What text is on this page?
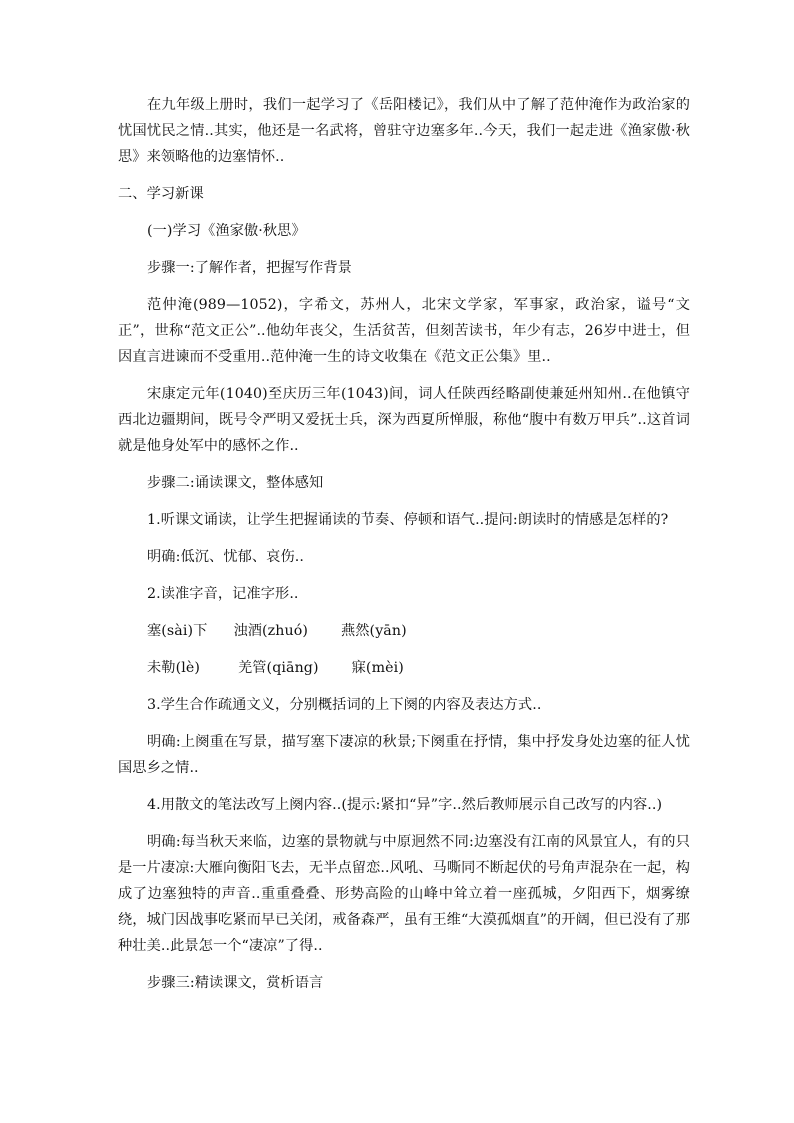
在九年级上册时，我们一起学习了《岳阳楼记》，我们从中了解了范仲淹作为政治家的忧国忧民之情..其实，他还是一名武将，曾驻守边塞多年..今天，我们一起走进《渔家傲·秋思》来领略他的边塞情怀..

二、学习新课

(一)学习《渔家傲·秋思》

步骤一:了解作者，把握写作背景

范仲淹(989—1052)，字希文，苏州人，北宋文学家，军事家，政治家，谥号“文正”，世称“范文正公”..他幼年丧父，生活贫苦，但刻苦读书，年少有志，26岁中进士，但因直言进谏而不受重用..范仲淹一生的诗文收集在《范文正公集》里..

宋康定元年(1040)至庆历三年(1043)间，词人任陕西经略副使兼延州知州..在他镇守西北边疆期间，既号令严明又爱抚士兵，深为西夏所惮服，称他“腹中有数万甲兵”..这首词就是他身处军中的感怀之作..

步骤二:诵读课文，整体感知

1.听课文诵读，让学生把握诵读的节奏、停顿和语气..提问:朗读时的情感是怎样的?

明确:低沉、忧郁、哀伤..

2.读准字音，记准字形..

塞(sài)下 浊酒(zhuó) 燕然(yān)
未勒(lè)	羌管(qiāng) 寐(mèi)

3.学生合作疏通文义，分别概括词的上下阕的内容及表达方式..

明确:上阕重在写景，描写塞下凄凉的秋景;下阕重在抒情，集中抒发身处边塞的征人忧国思乡之情..

4.用散文的笔法改写上阕内容..(提示:紧扣“异”字..然后教师展示自己改写的内容..)

明确:每当秋天来临，边塞的景物就与中原迥然不同:边塞没有江南的风景宜人，有的只是一片凄凉:大雁向衡阳飞去，无半点留恋..风吼、马嘶同不断起伏的号角声混杂在一起，构成了边塞独特的声音..重重叠叠、形势高险的山峰中耸立着一座孤城，夕阳西下，烟雾缭绕，城门因战事吃紧而早已关闭，戒备森严，虽有王维“大漠孤烟直”的开阔，但已没有了那种壮美..此景怎一个“凄凉”了得..

步骤三:精读课文，赏析语言
